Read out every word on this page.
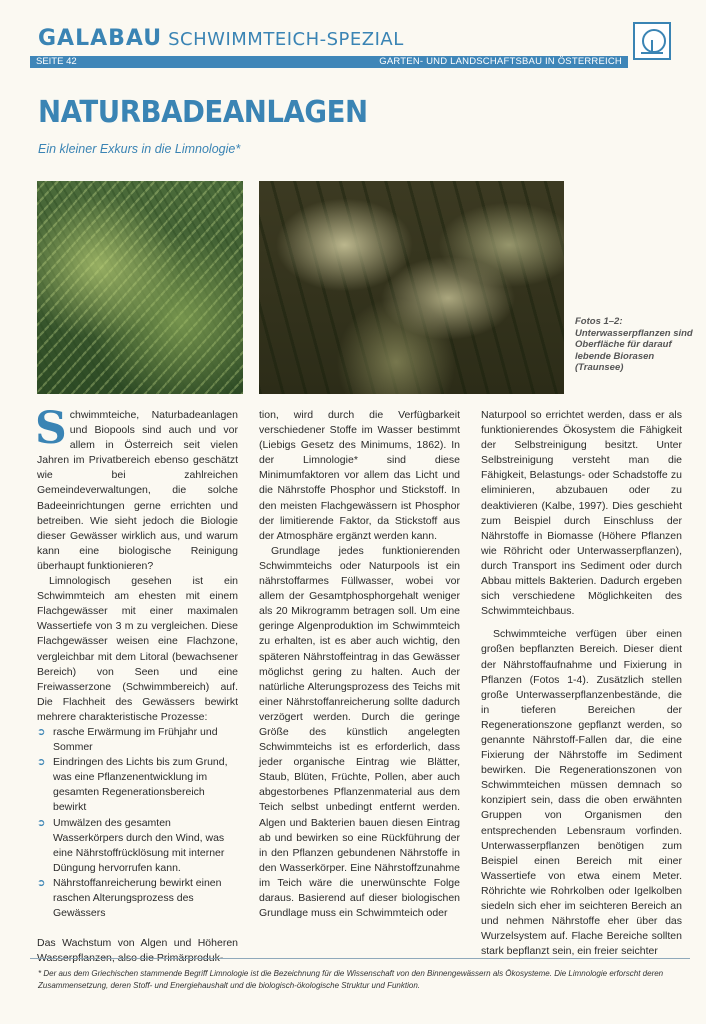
GALABAU SCHWIMMTEICH-SPEZIAL
SEITE 42	GARTEN- UND LANDSCHAFTSBAU IN ÖSTERREICH
NATURBADEANLAGEN
Ein kleiner Exkurs in die Limnologie*
Fotos 1–2: Unterwasserpflanzen sind Oberfläche für darauf lebende Biorasen (Traunsee)

Schwimmteiche, Naturbadeanlagen und Biopools sind auch und vor allem in Österreich seit vielen Jahren im Privatbereich ebenso geschätzt wie bei zahlreichen Gemeindeverwaltungen, die solche Badeeinrichtungen gerne errichten und betreiben. Wie sieht jedoch die Biologie dieser Gewässer wirklich aus, und warum kann eine biologische Reinigung überhaupt funktionieren?

Limnologisch gesehen ist ein Schwimmteich am ehesten mit einem Flachgewässer mit einer maximalen Wassertiefe von 3 m zu vergleichen. Diese Flachgewässer weisen eine Flachzone, vergleichbar mit dem Litoral (bewachsener Bereich) von Seen und eine Freiwasserzone (Schwimmbereich) auf. Die Flachheit des Gewässers bewirkt mehrere charakteristische Prozesse:

➲ rasche Erwärmung im Frühjahr und Sommer
➲ Eindringen des Lichts bis zum Grund, was eine Pflanzenentwicklung im gesamten Regenerationsbereich bewirkt
➲ Umwälzen des gesamten Wasserkörpers durch den Wind, was eine Nährstoffrücklösung mit interner Düngung hervorrufen kann.
➲ Nährstoffanreicherung bewirkt einen raschen Alterungsprozess des Gewässers

Das Wachstum von Algen und Höheren Wasserpflanzen, also die Primärproduk-

tion, wird durch die Verfügbarkeit verschiedener Stoffe im Wasser bestimmt (Liebigs Gesetz des Minimums, 1862). In der Limnologie* sind diese Minimumfaktoren vor allem das Licht und die Nährstoffe Phosphor und Stickstoff. In den meisten Flachgewässern ist Phosphor der limitierende Faktor, da Stickstoff aus der Atmosphäre ergänzt werden kann.

Grundlage jedes funktionierenden Schwimmteichs oder Naturpools ist ein nährstoffarmes Füllwasser, wobei vor allem der Gesamtphosphorgehalt weniger als 20 Mikrogramm betragen soll. Um eine geringe Algenproduktion im Schwimmteich zu erhalten, ist es aber auch wichtig, den späteren Nährstoffeintrag in das Gewässer möglichst gering zu halten. Auch der natürliche Alterungsprozess des Teichs mit einer Nährstoffanreicherung sollte dadurch verzögert werden. Durch die geringe Größe des künstlich angelegten Schwimmteichs ist es erforderlich, dass jeder organische Eintrag wie Blätter, Staub, Blüten, Früchte, Pollen, aber auch abgestorbenes Pflanzenmaterial aus dem Teich selbst unbedingt entfernt werden. Algen und Bakterien bauen diesen Eintrag ab und bewirken so eine Rückführung der in den Pflanzen gebundenen Nährstoffe in den Wasserkörper. Eine Nährstoffzunahme im Teich wäre die unerwünschte Folge daraus. Basierend auf dieser biologischen Grundlage muss ein Schwimmteich oder

Naturpool so errichtet werden, dass er als funktionierendes Ökosystem die Fähigkeit der Selbstreinigung besitzt. Unter Selbstreinigung versteht man die Fähigkeit, Belastungs- oder Schadstoffe zu eliminieren, abzubauen oder zu deaktivieren (Kalbe, 1997). Dies geschieht zum Beispiel durch Einschluss der Nährstoffe in Biomasse (Höhere Pflanzen wie Röhricht oder Unterwasserpflanzen), durch Transport ins Sediment oder durch Abbau mittels Bakterien. Dadurch ergeben sich verschiedene Möglichkeiten des Schwimmteichbaus.

Schwimmteiche verfügen über einen großen bepflanzten Bereich. Dieser dient der Nährstoffaufnahme und Fixierung in Pflanzen (Fotos 1-4). Zusätzlich stellen große Unterwasserpflanzenbestände, die in tieferen Bereichen der Regenerationszone gepflanzt werden, so genannte Nährstoff-Fallen dar, die eine Fixierung der Nährstoffe im Sediment bewirken. Die Regenerationszonen von Schwimmteichen müssen demnach so konzipiert sein, dass die oben erwähnten Gruppen von Organismen den entsprechenden Lebensraum vorfinden. Unterwasserpflanzen benötigen zum Beispiel einen Bereich mit einer Wassertiefe von etwa einem Meter. Röhrichte wie Rohrkolben oder Igelkolben siedeln sich eher im seichteren Bereich an und nehmen Nährstoffe eher über das Wurzelsystem auf. Flache Bereiche sollten stark bepflanzt sein, ein freier seichter

* Der aus dem Griechischen stammende Begriff Limnologie ist die Bezeichnung für die Wissenschaft von den Binnengewässern als Ökosysteme. Die Limnologie erforscht deren Zusammensetzung, deren Stoff- und Energiehaushalt und die biologisch-ökologische Struktur und Funktion.
